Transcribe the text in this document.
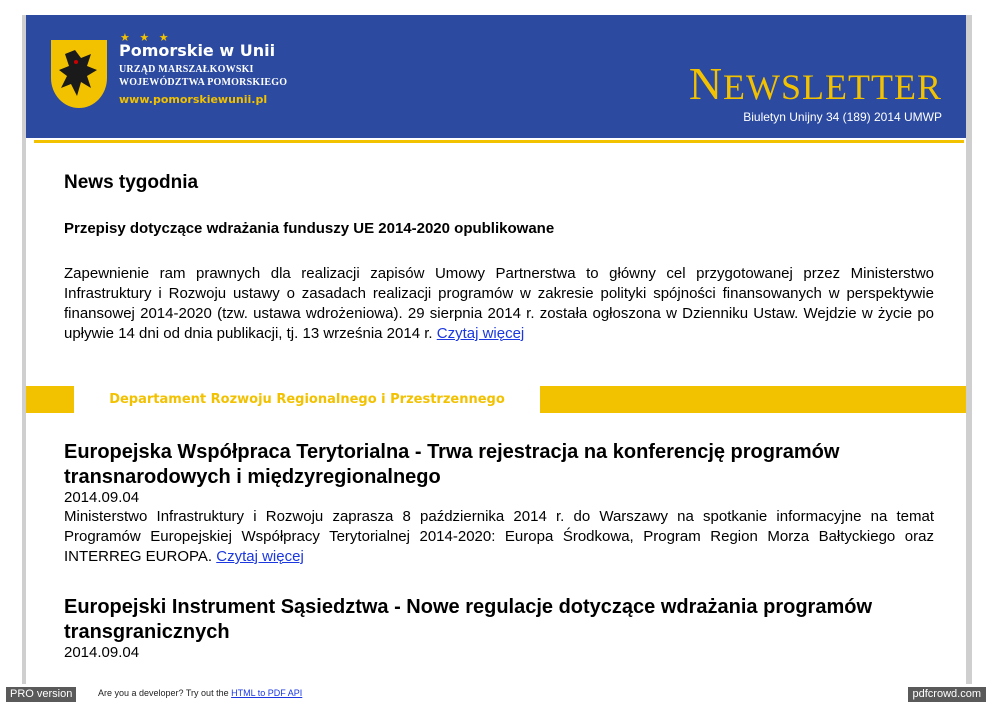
★ ★ ★
Pomorskie w Unii
URZĄD MARSZAŁKOWSKI
WOJEWÓDZTWA POMORSKIEGO
www.pomorskiewunii.pl	NEWSLETTER
Biuletyn Unijny 34 (189) 2014 UMWP
News tygodnia
Przepisy dotyczące wdrażania funduszy UE 2014-2020 opublikowane

Zapewnienie ram prawnych dla realizacji zapisów Umowy Partnerstwa to główny cel przygotowanej przez Ministerstwo Infrastruktury i Rozwoju ustawy o zasadach realizacji programów w zakresie polityki spójności finansowanych w perspektywie finansowej 2014-2020 (tzw. ustawa wdrożeniowa). 29 sierpnia 2014 r. została ogłoszona w Dzienniku Ustaw. Wejdzie w życie po upływie 14 dni od dnia publikacji, tj. 13 września 2014 r. Czytaj więcej

Departament Rozwoju Regionalnego i Przestrzennego
Europejska Współpraca Terytorialna - Trwa rejestracja na konferencję programów transnarodowych i międzyregionalnego
2014.09.04

Ministerstwo Infrastruktury i Rozwoju zaprasza 8 października 2014 r. do Warszawy na spotkanie informacyjne na temat Programów Europejskiej Współpracy Terytorialnej 2014-2020: Europa Środkowa, Program Region Morza Bałtyckiego oraz INTERREG EUROPA. Czytaj więcej

Europejski Instrument Sąsiedztwa - Nowe regulacje dotyczące wdrażania programów transgranicznych
2014.09.04
PRO version	Are you a developer? Try out the HTML to PDF API	pdfcrowd.com
